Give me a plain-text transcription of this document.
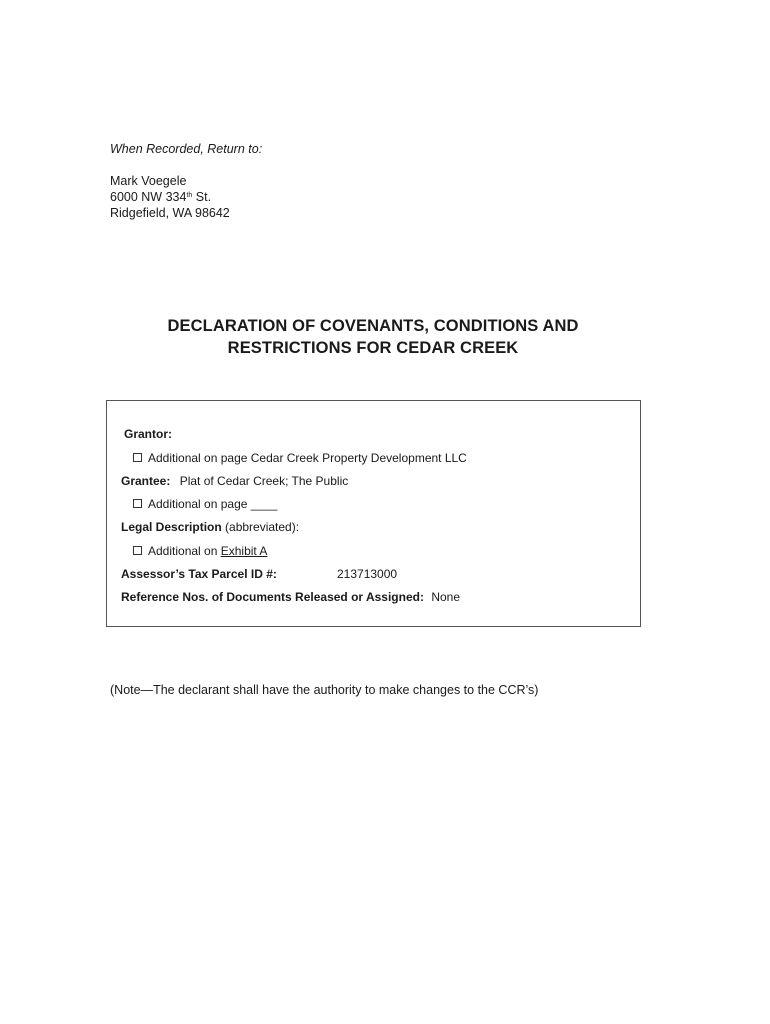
When Recorded, Return to:
Mark Voegele
6000 NW 334th St.
Ridgefield, WA 98642
DECLARATION OF COVENANTS, CONDITIONS AND
RESTRICTIONS FOR CEDAR CREEK
Grantor:
Additional on page Cedar Creek Property Development LLC
Grantee: Plat of Cedar Creek; The Public
Additional on page ____
Legal Description (abbreviated):
Additional on Exhibit A
Assessor’s Tax Parcel ID #:	213713000
Reference Nos. of Documents Released or Assigned: None
(Note—The declarant shall have the authority to make changes to the CCR’s)
